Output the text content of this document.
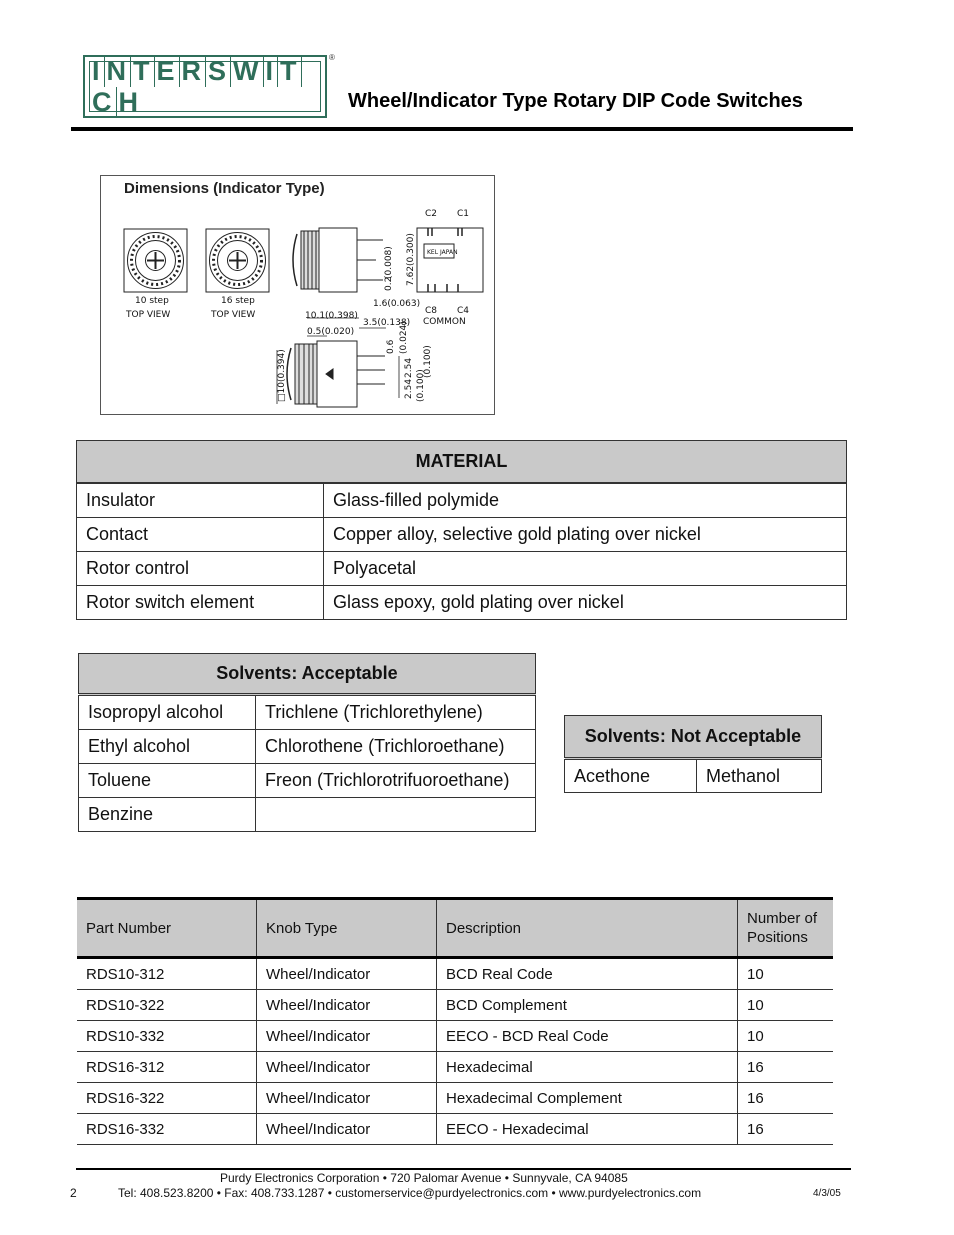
I N T E R S W I TC H
®
Wheel/Indicator Type Rotary DIP Code Switches
Dimensions (Indicator Type)
10 step
TOP VIEW
16 step
TOP VIEW
C2 C1
C8 C4
COMMON
KEL JAPAN
0.2
(0.008) 7.62(0.300)
1.6(0.063)
10.1(0.398)
3.5(0.138)
0.5(0.020)
0.6 (0.024)
2.54
2.54
(0.100)
(0.100)
□10(0.394)
MATERIAL	
Insulator	Glass-filled polymide
Contact	Copper alloy, selective gold plating over nickel
Rotor control	Polyacetal
Rotor switch element	Glass epoxy, gold plating over nickel
Solvents: Acceptable	
Isopropyl alcohol	Trichlene (Trichlorethylene)
Ethyl alcohol	Chlorothene (Trichloroethane)
Toluene	Freon (Trichlorotrifuoroethane)
Benzine	
Solvents: Not Acceptable
Acethone	Methanol
Part Number	Knob Type	Description	Number of Positions
RDS10-312	Wheel/Indicator	BCD Real Code	10
RDS10-322	Wheel/Indicator	BCD Complement	10
RDS10-332	Wheel/Indicator	EECO - BCD Real Code	10
RDS16-312	Wheel/Indicator	Hexadecimal	16
RDS16-322	Wheel/Indicator	Hexadecimal Complement	16
RDS16-332	Wheel/Indicator	EECO - Hexadecimal	16
Purdy Electronics Corporation • 720 Palomar Avenue • Sunnyvale, CA 94085
2	Tel: 408.523.8200 • Fax: 408.733.1287 • customerservice@purdyelectronics.com • www.purdyelectronics.com	4/3/05
